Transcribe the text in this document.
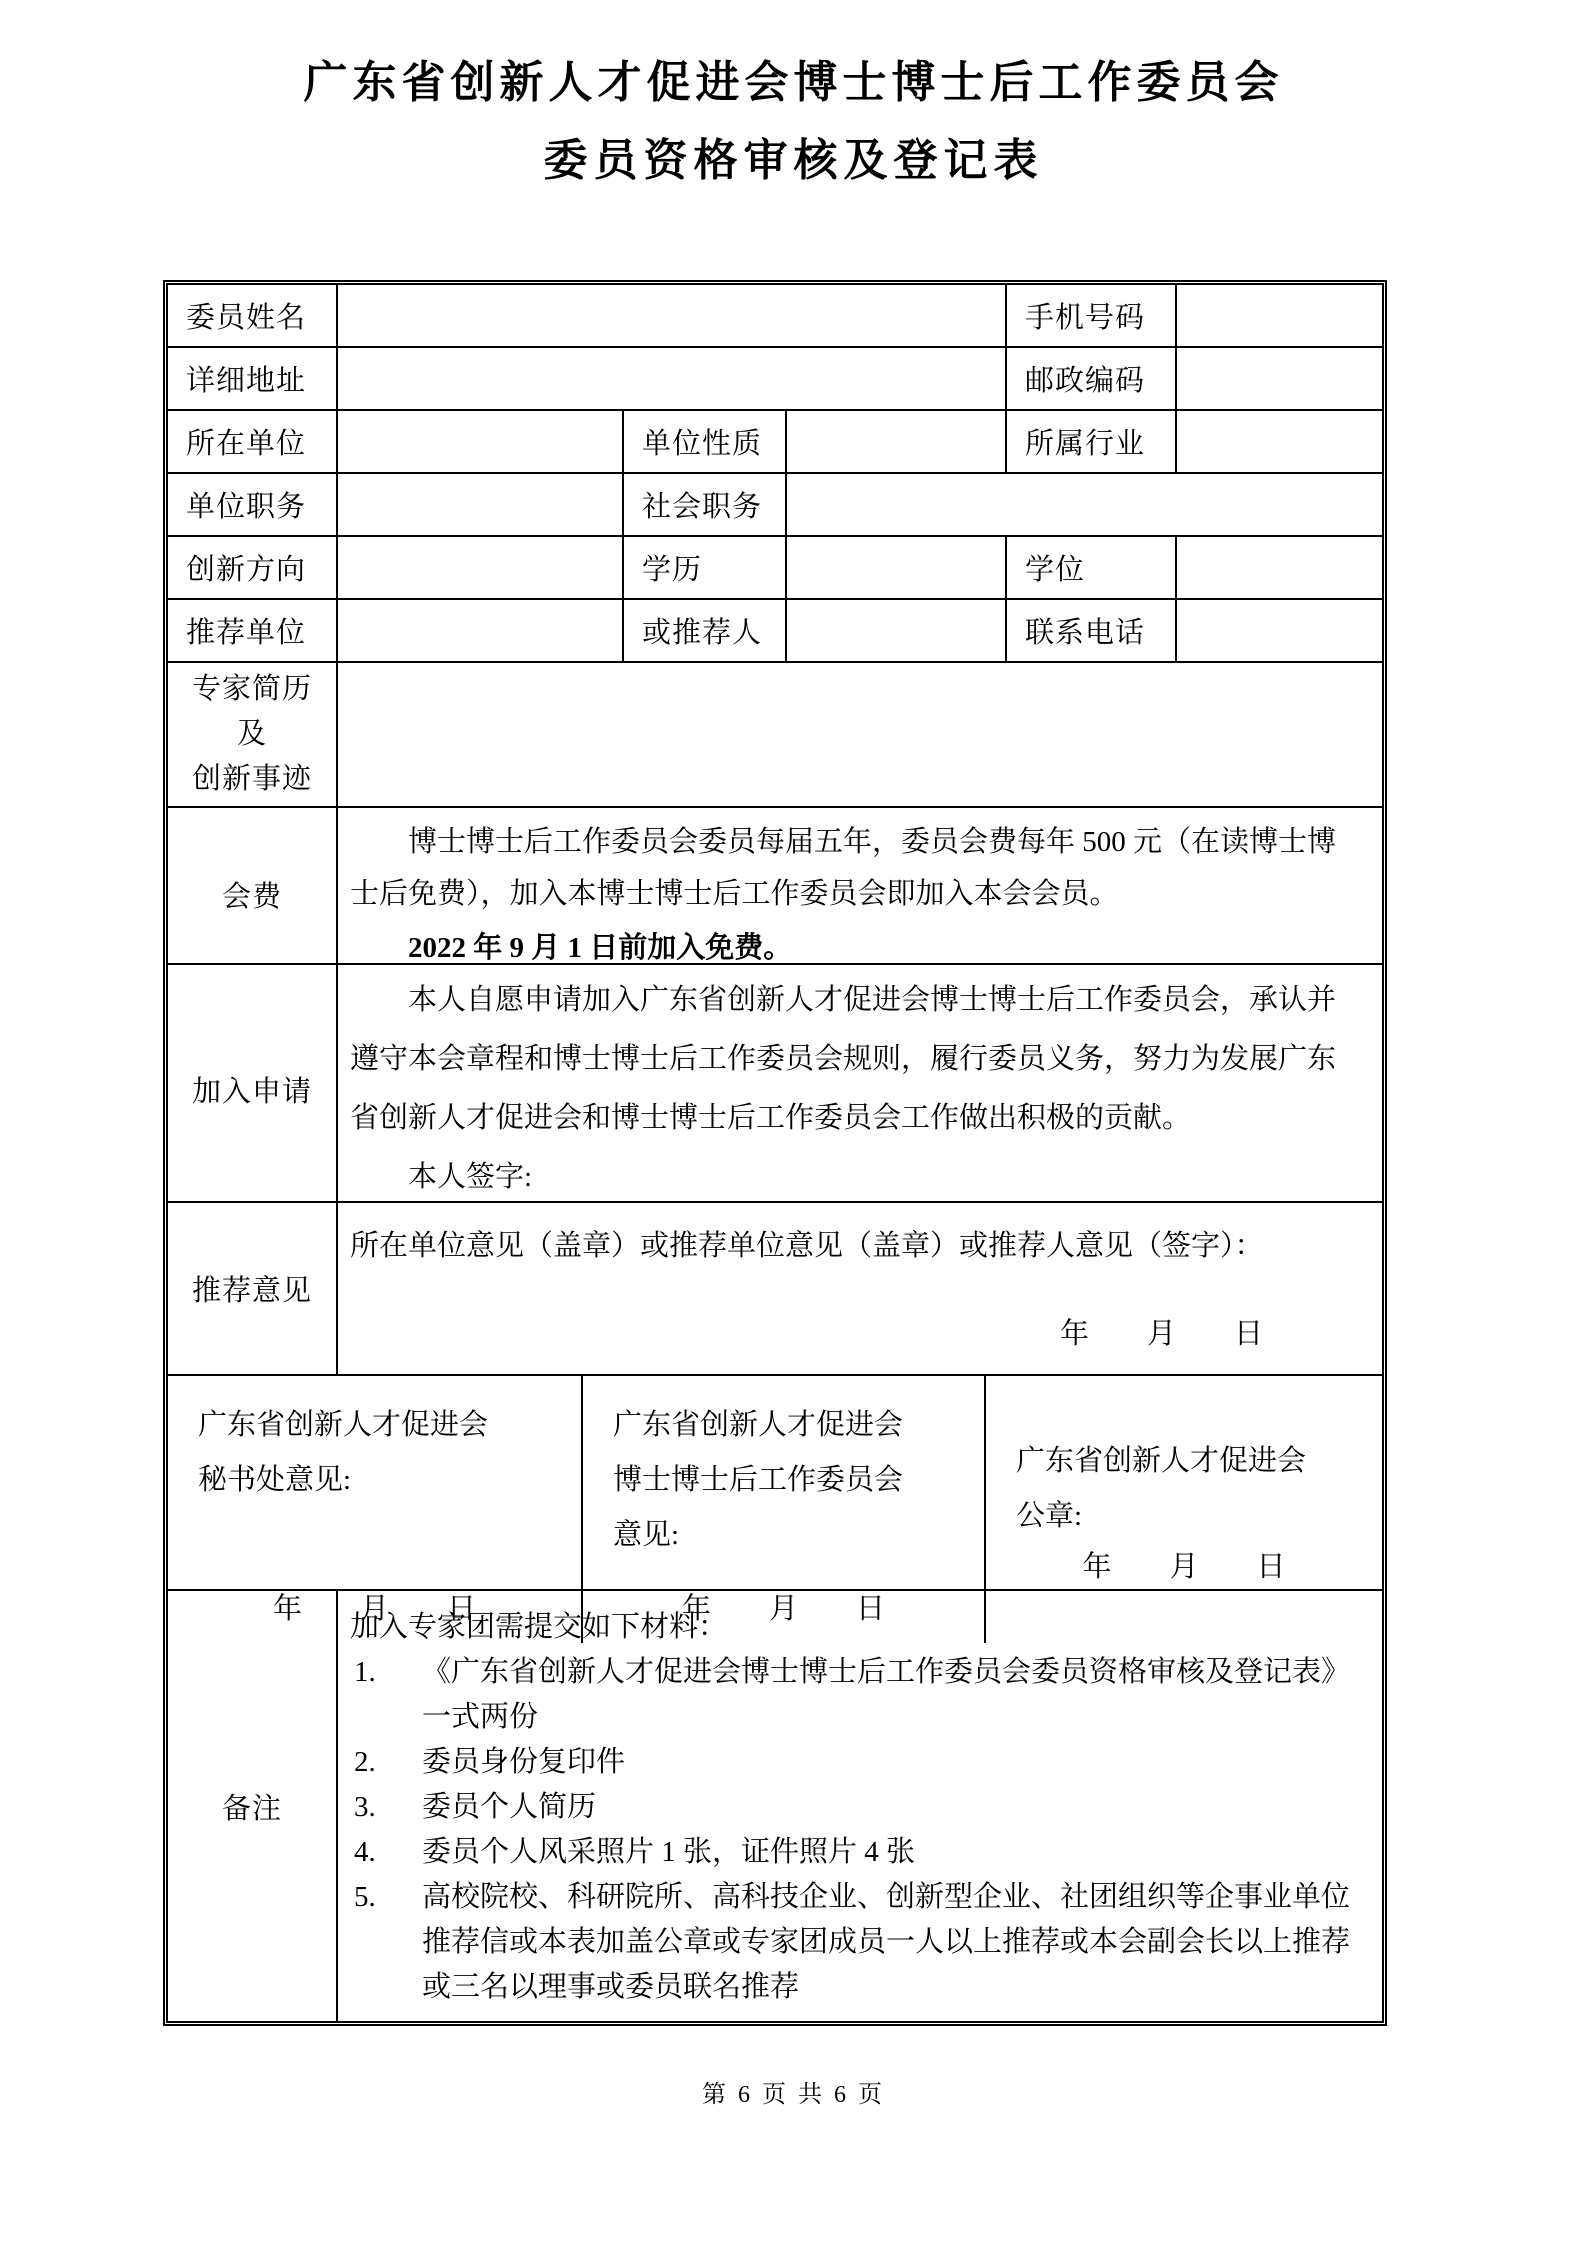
广东省创新人才促进会博士博士后工作委员会
委员资格审核及登记表
委员姓名	手机号码
详细地址	邮政编码
所在单位	单位性质	所属行业
单位职务	社会职务
创新方向	学历	学位
推荐单位	或推荐人	联系电话
专家简历
及
创新事迹
会费

博士博士后工作委员会委员每届五年，委员会费每年 500 元（在读博士博士后免费），加入本博士博士后工作委员会即加入本会会员。

2022 年 9 月 1 日前加入免费。

加入申请

本人自愿申请加入广东省创新人才促进会博士博士后工作委员会，承认并遵守本会章程和博士博士后工作委员会规则，履行委员义务，努力为发展广东省创新人才促进会和博士博士后工作委员会工作做出积极的贡献。

本人签字:

推荐意见

所在单位意见（盖章）或推荐单位意见（盖章）或推荐人意见（签字）：

年　　月　　日

广东省创新人才促进会
秘书处意见:
年　　月　　日
广东省创新人才促进会
博士博士后工作委员会
意见:
年　　月　　日
广东省创新人才促进会
公章:
年　　月　　日
备注

加入专家团需提交如下材料：

1.	《广东省创新人才促进会博士博士后工作委员会委员资格审核及登记表》一式两份
2.	委员身份复印件
3.	委员个人简历
4.	委员个人风采照片 1 张，证件照片 4 张
5.	高校院校、科研院所、高科技企业、创新型企业、社团组织等企事业单位推荐信或本表加盖公章或专家团成员一人以上推荐或本会副会长以上推荐或三名以理事或委员联名推荐
第 6 页 共 6 页
